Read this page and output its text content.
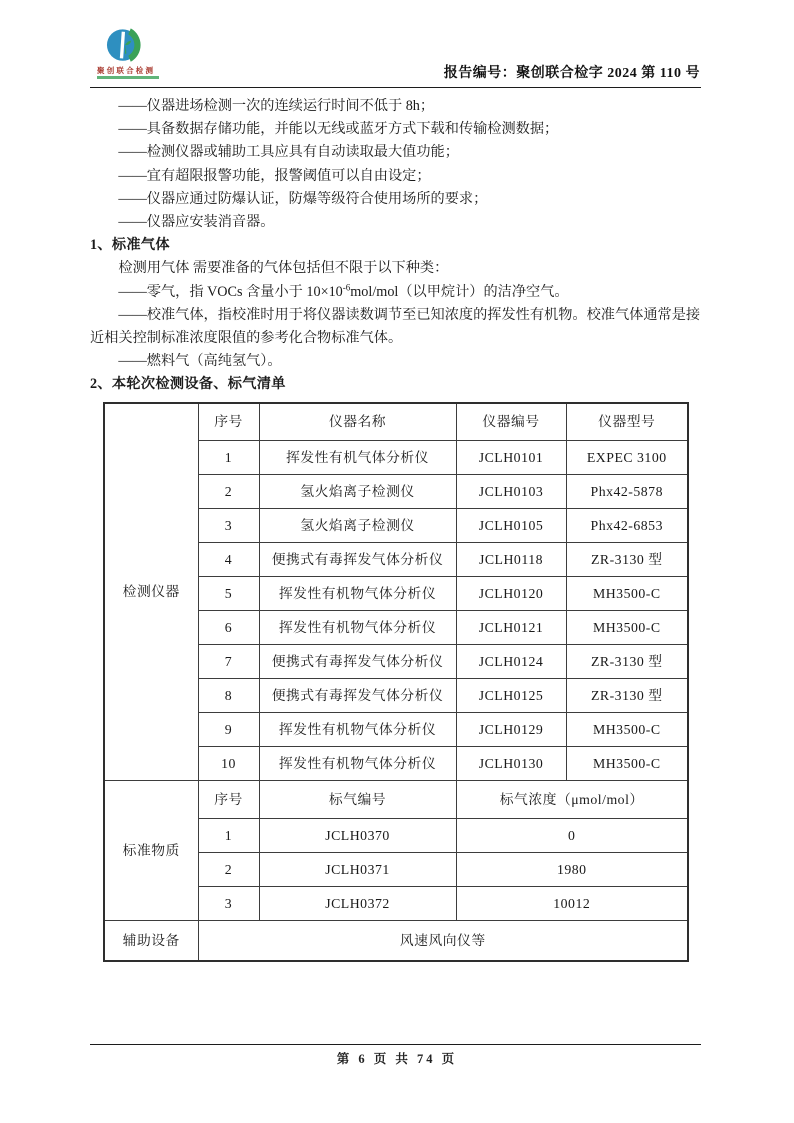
聚创联合检测	报告编号：聚创联合检字 2024 第 110 号

——仪器进场检测一次的连续运行时间不低于 8h；

——具备数据存储功能，并能以无线或蓝牙方式下载和传输检测数据；

——检测仪器或辅助工具应具有自动读取最大值功能；

——宜有超限报警功能，报警阈值可以自由设定；

——仪器应通过防爆认证，防爆等级符合使用场所的要求；

——仪器应安装消音器。

1、标准气体

检测用气体 需要准备的气体包括但不限于以下种类：

——零气，指 VOCs 含量小于 $10\times 10^{-6}mol/mol$（以甲烷计）的洁净空气。

——校准气体，指校准时用于将仪器读数调节至已知浓度的挥发性有机物。校准气体通常是接近相关控制标准浓度限值的参考化合物标准气体。

——燃料气（高纯氢气）。

2、本轮次检测设备、标气清单
检测仪器	序号	仪器名称	仪器编号	仪器型号
	1	挥发性有机气体分析仪	JCLH0101	EXPEC 3100
	2	氢火焰离子检测仪	JCLH0103	Phx42-5878
	3	氢火焰离子检测仪	JCLH0105	Phx42-6853
	4	便携式有毒挥发气体分析仪	JCLH0118	ZR-3130 型
	5	挥发性有机物气体分析仪	JCLH0120	MH3500-C
	6	挥发性有机物气体分析仪	JCLH0121	MH3500-C
	7	便携式有毒挥发气体分析仪	JCLH0124	ZR-3130 型
	8	便携式有毒挥发气体分析仪	JCLH0125	ZR-3130 型
	9	挥发性有机物气体分析仪	JCLH0129	MH3500-C
	10	挥发性有机物气体分析仪	JCLH0130	MH3500-C
标准物质	序号	标气编号	标气浓度（μmol/mol）	
	1	JCLH0370	0	
	2	JCLH0371	1980	
	3	JCLH0372	10012	
辅助设备	风速风向仪等			
第 6 页 共 74 页
